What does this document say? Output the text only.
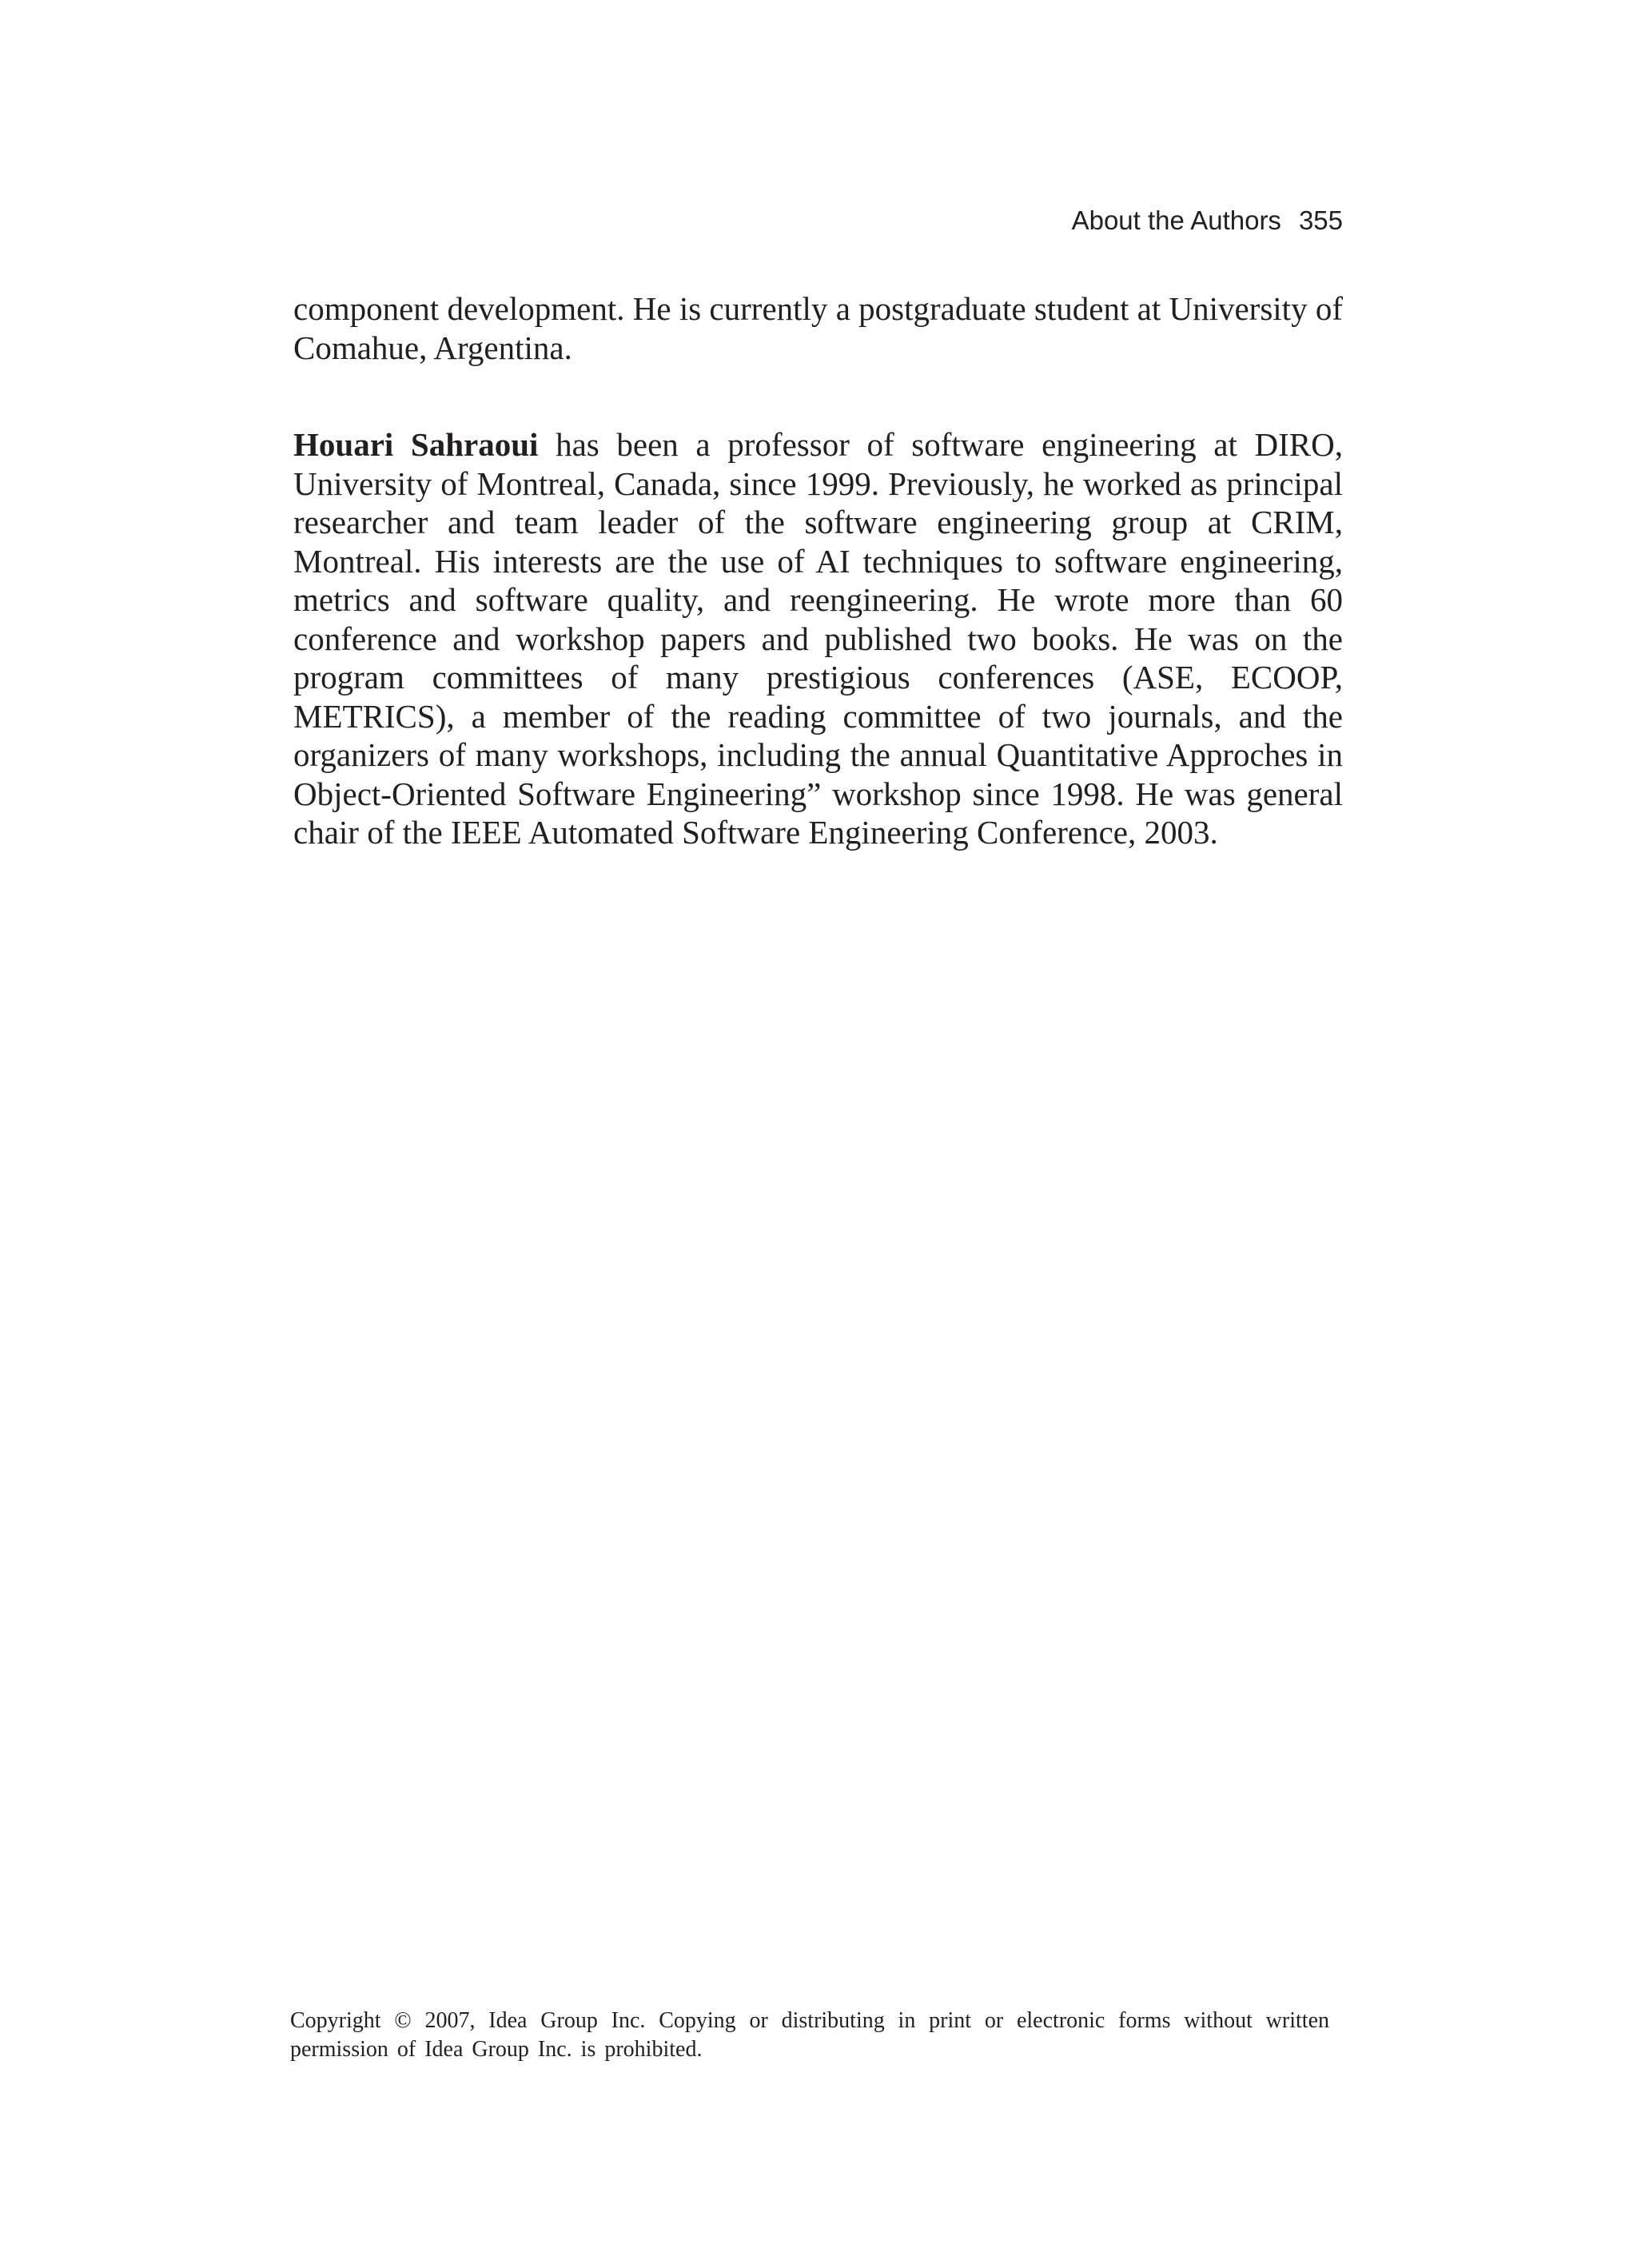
About the Authors 355

component development. He is currently a postgraduate student at University of Comahue, Argentina.

Houari Sahraoui has been a professor of software engineering at DIRO, University of Montreal, Canada, since 1999. Previously, he worked as principal researcher and team leader of the software engineering group at CRIM, Montreal. His interests are the use of AI techniques to software engineering, metrics and software quality, and reengineering. He wrote more than 60 conference and workshop papers and published two books. He was on the program committees of many prestigious conferences (ASE, ECOOP, METRICS), a member of the reading committee of two journals, and the organizers of many workshops, including the annual Quantitative Approches in Object-Oriented Software Engineering” workshop since 1998. He was general chair of the IEEE Automated Software Engineering Conference, 2003.

Copyright © 2007, Idea Group Inc. Copying or distributing in print or electronic forms without written permission of Idea Group Inc. is prohibited.
